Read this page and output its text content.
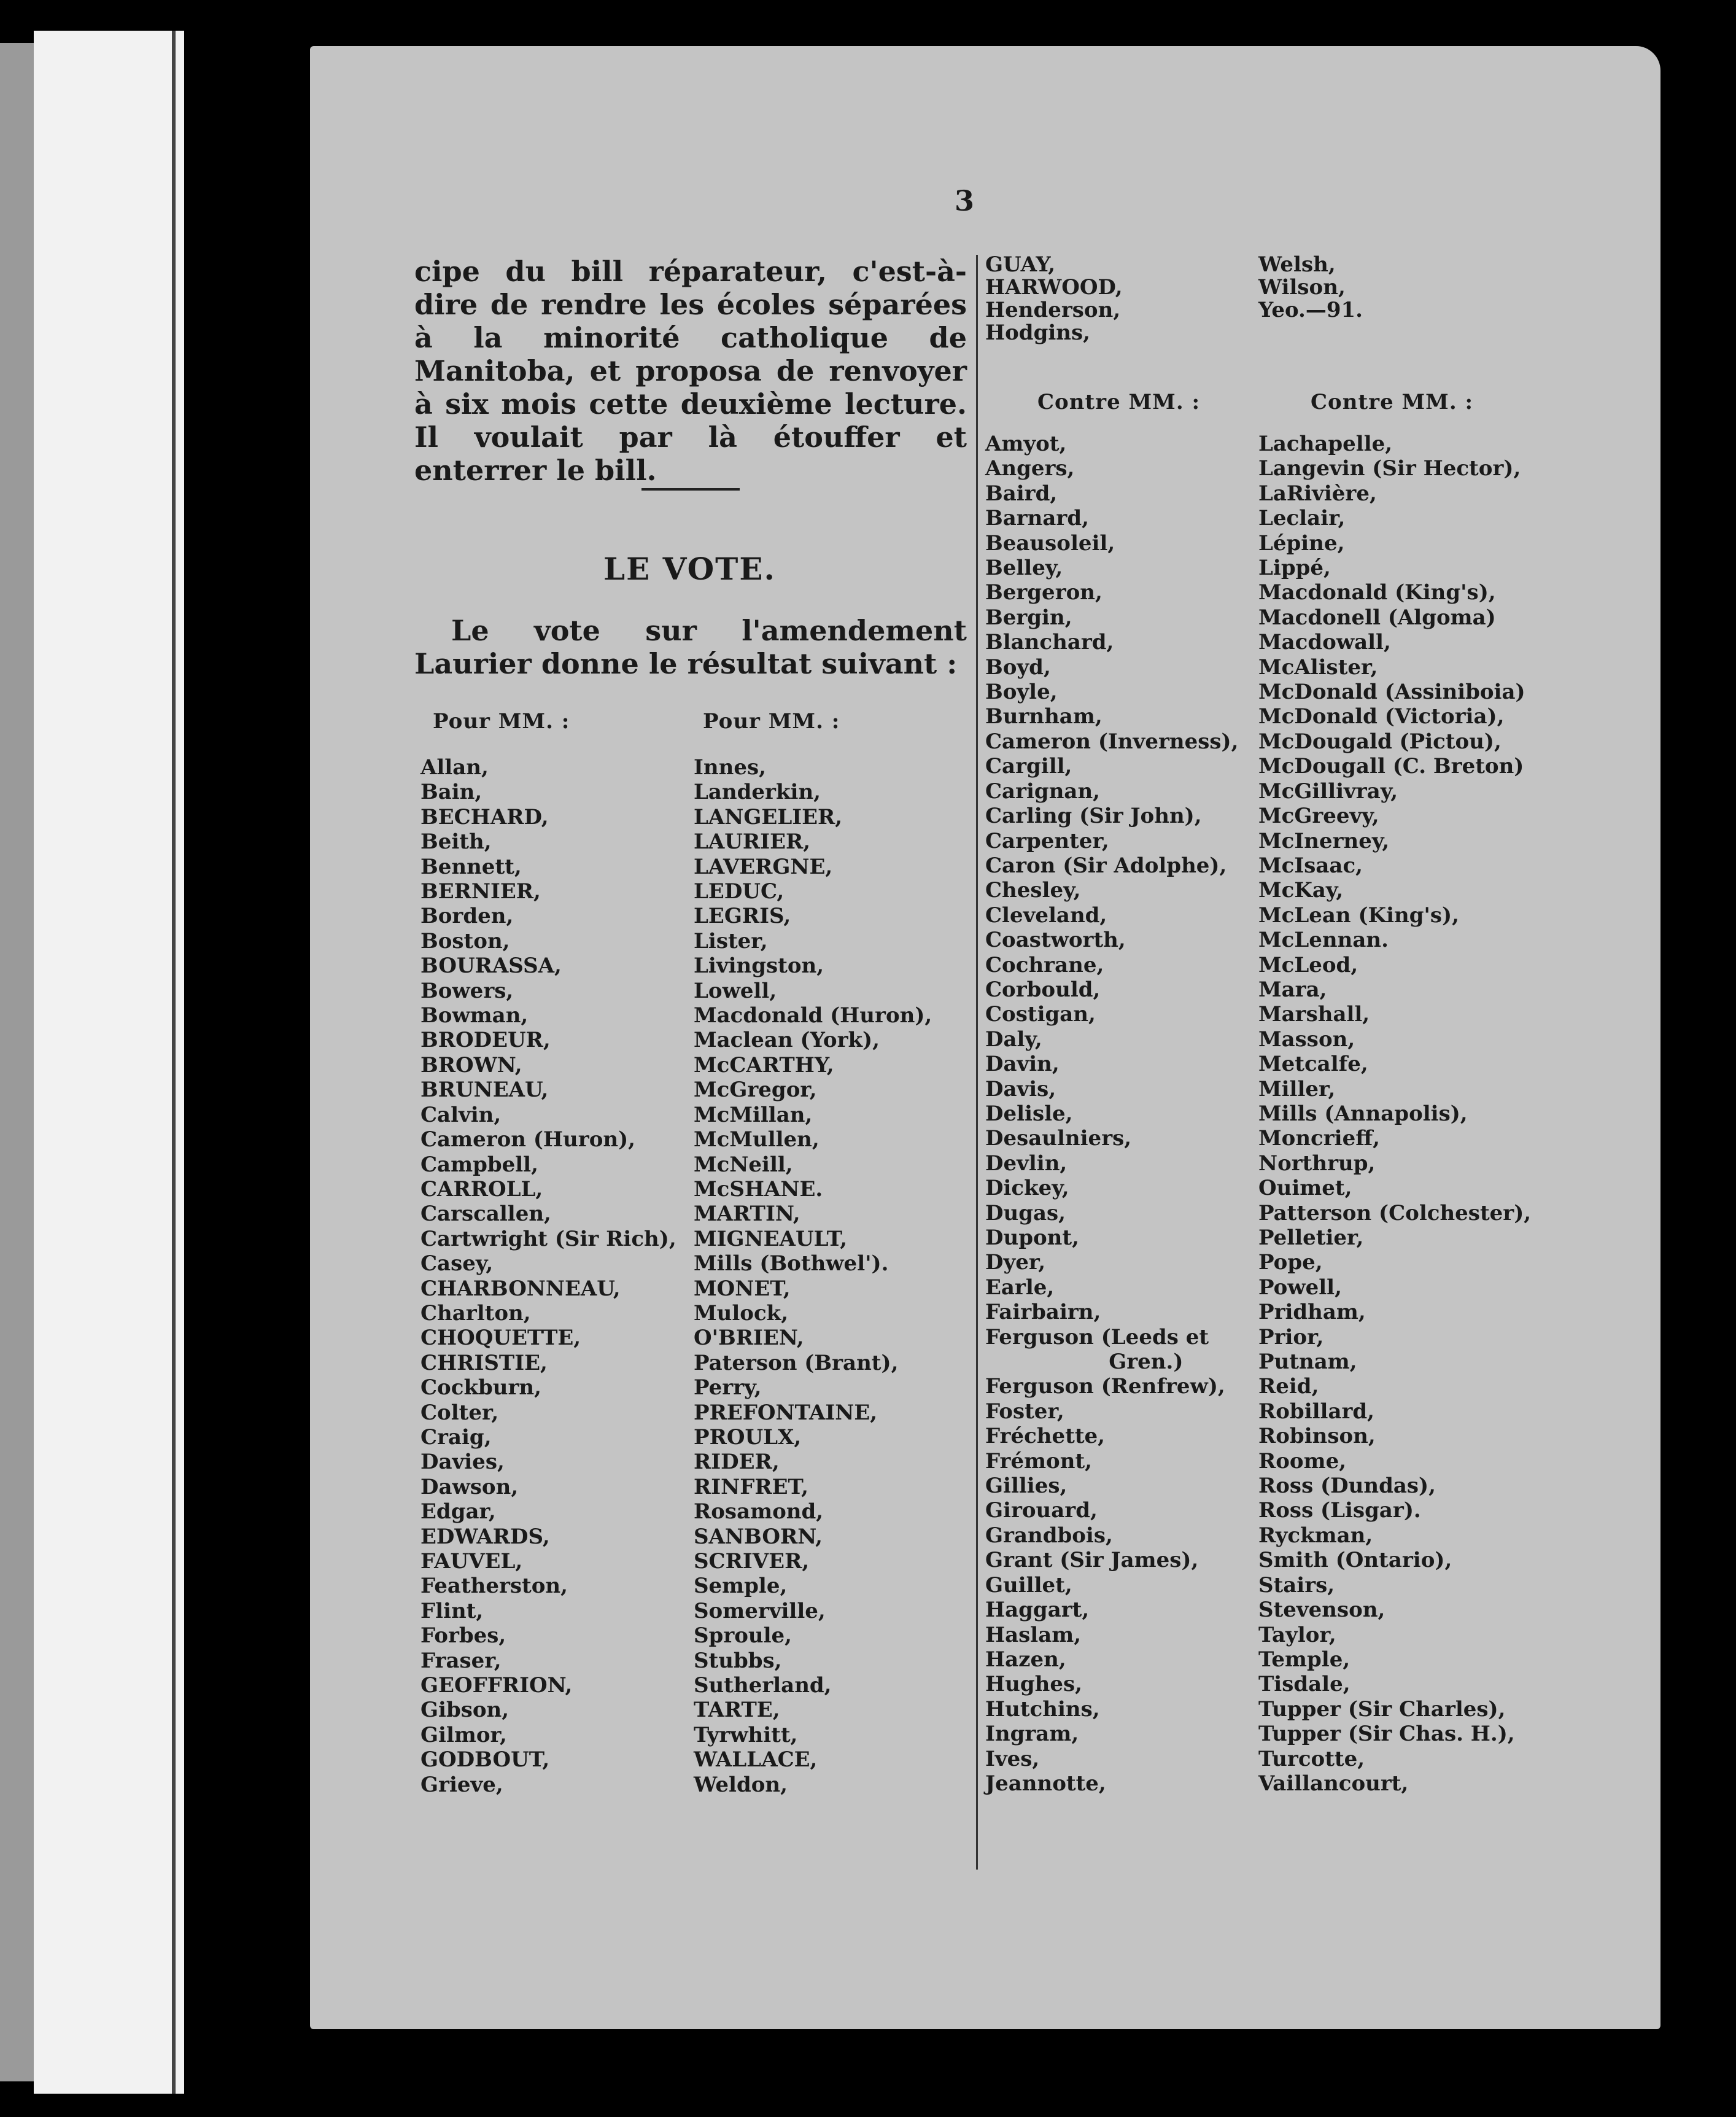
3

cipe du bill réparateur, c'est-à-dire de rendre les écoles séparées à la minorité catholique de Manitoba, et proposa de renvoyer à six mois cette deuxième lecture. Il voulait par là étouffer et enterrer le bill.

LE VOTE.

Le vote sur l'amendement Laurier donne le résultat suivant :

Pour MM. :	Pour MM. :
Allan,
Bain,
BECHARD,
Beith,
Bennett,
BERNIER,
Borden,
Boston,
BOURASSA,
Bowers,
Bowman,
BRODEUR,
BROWN,
BRUNEAU,
Calvin,
Cameron (Huron),
Campbell,
CARROLL,
Carscallen,
Cartwright (Sir Rich),
Casey,
CHARBONNEAU,
Charlton,
CHOQUETTE,
CHRISTIE,
Cockburn,
Colter,
Craig,
Davies,
Dawson,
Edgar,
EDWARDS,
FAUVEL,
Featherston,
Flint,
Forbes,
Fraser,
GEOFFRION,
Gibson,
Gilmor,
GODBOUT,
Grieve,
Innes,
Landerkin,
LANGELIER,
LAURIER,
LAVERGNE,
LEDUC,
LEGRIS,
Lister,
Livingston,
Lowell,
Macdonald (Huron),
Maclean (York),
McCARTHY,
McGregor,
McMillan,
McMullen,
McNeill,
McSHANE.
MARTIN,
MIGNEAULT,
Mills (Bothwel').
MONET,
Mulock,
O'BRIEN,
Paterson (Brant),
Perry,
PREFONTAINE,
PROULX,
RIDER,
RINFRET,
Rosamond,
SANBORN,
SCRIVER,
Semple,
Somerville,
Sproule,
Stubbs,
Sutherland,
TARTE,
Tyrwhitt,
WALLACE,
Weldon,
GUAY,
HARWOOD,
Henderson,
Hodgins,
Welsh,
Wilson,
Yeo.—91.
Contre MM. :	Contre MM. :
Amyot,
Angers,
Baird,
Barnard,
Beausoleil,
Belley,
Bergeron,
Bergin,
Blanchard,
Boyd,
Boyle,
Burnham,
Cameron (Inverness),
Cargill,
Carignan,
Carling (Sir John),
Carpenter,
Caron (Sir Adolphe),
Chesley,
Cleveland,
Coastworth,
Cochrane,
Corbould,
Costigan,
Daly,
Davin,
Davis,
Delisle,
Desaulniers,
Devlin,
Dickey,
Dugas,
Dupont,
Dyer,
Earle,
Fairbairn,
Ferguson (Leeds et
Gren.)
Ferguson (Renfrew),
Foster,
Fréchette,
Frémont,
Gillies,
Girouard,
Grandbois,
Grant (Sir James),
Guillet,
Haggart,
Haslam,
Hazen,
Hughes,
Hutchins,
Ingram,
Ives,
Jeannotte,
Lachapelle,
Langevin (Sir Hector),
LaRivière,
Leclair,
Lépine,
Lippé,
Macdonald (King's),
Macdonell (Algoma)
Macdowall,
McAlister,
McDonald (Assiniboia)
McDonald (Victoria),
McDougald (Pictou),
McDougall (C. Breton)
McGillivray,
McGreevy,
McInerney,
McIsaac,
McKay,
McLean (King's),
McLennan.
McLeod,
Mara,
Marshall,
Masson,
Metcalfe,
Miller,
Mills (Annapolis),
Moncrieff,
Northrup,
Ouimet,
Patterson (Colchester),
Pelletier,
Pope,
Powell,
Pridham,
Prior,
Putnam,
Reid,
Robillard,
Robinson,
Roome,
Ross (Dundas),
Ross (Lisgar).
Ryckman,
Smith (Ontario),
Stairs,
Stevenson,
Taylor,
Temple,
Tisdale,
Tupper (Sir Charles),
Tupper (Sir Chas. H.),
Turcotte,
Vaillancourt,
